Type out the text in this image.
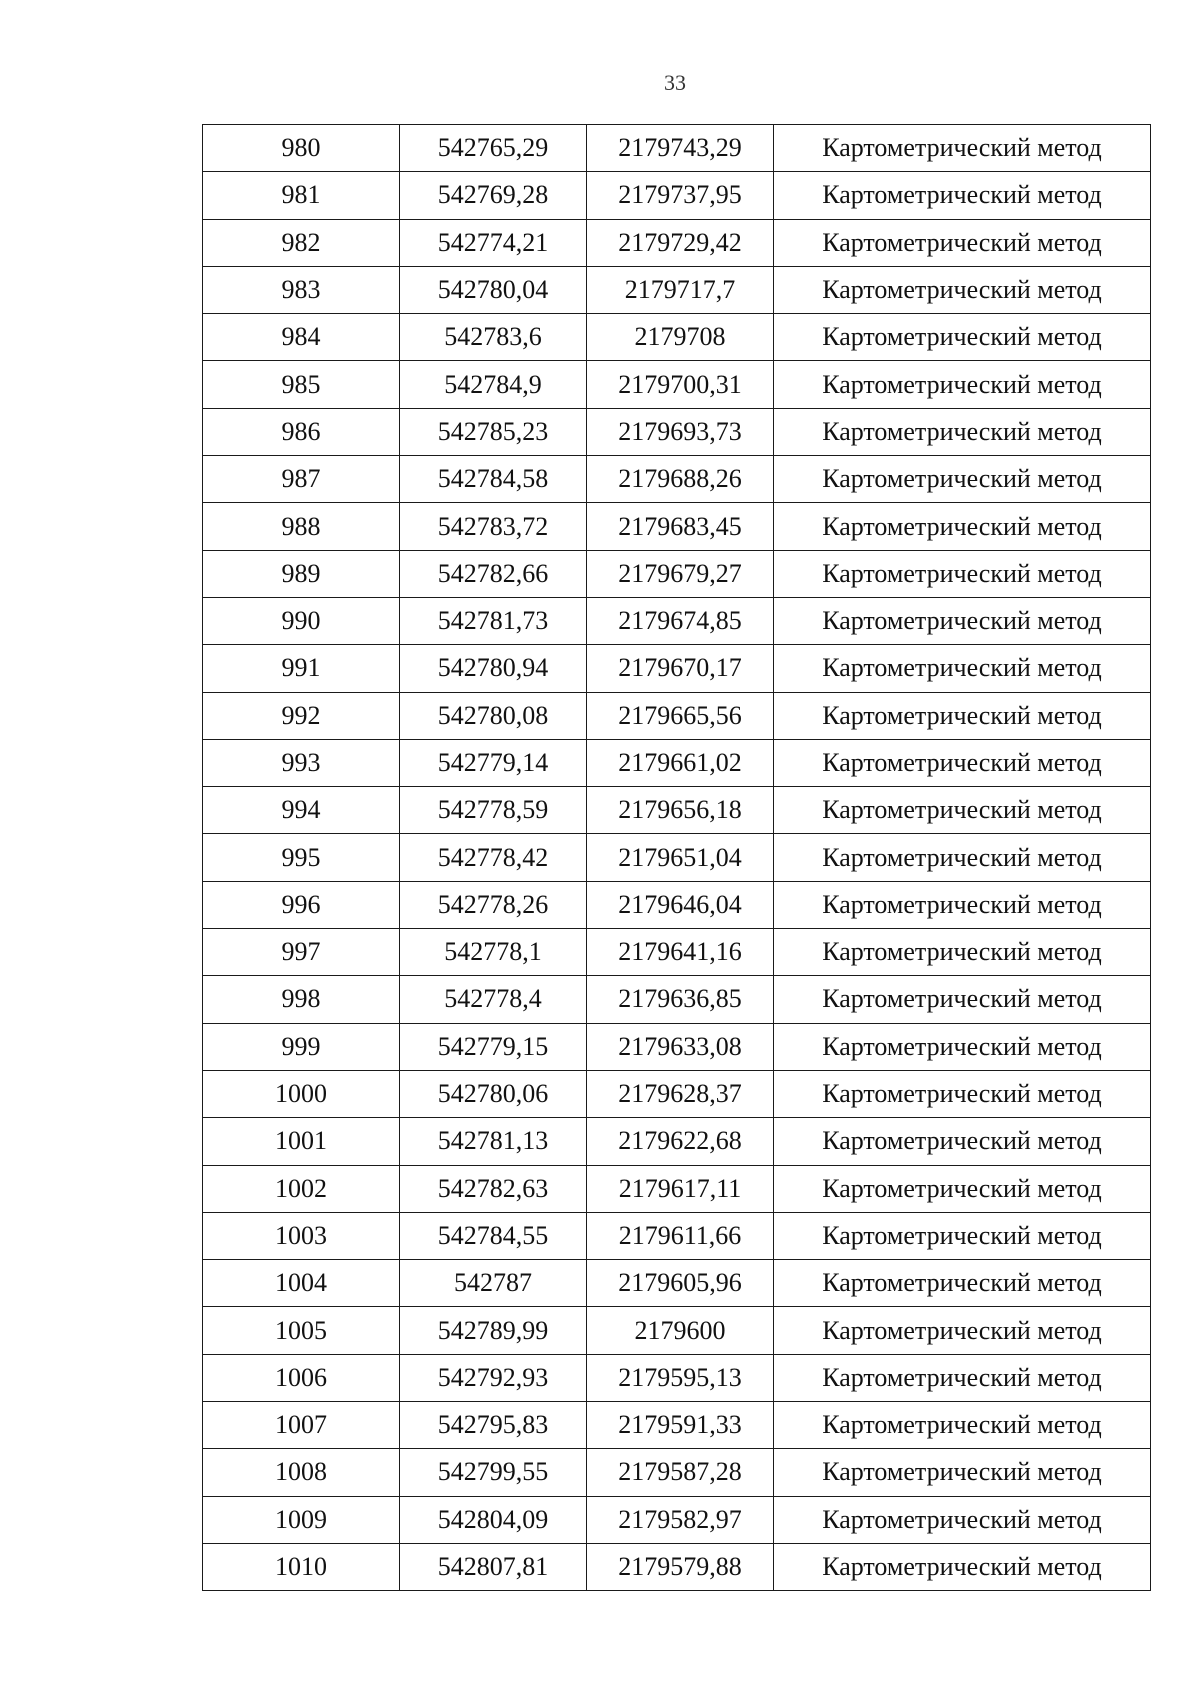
33
980	542765,29	2179743,29	Картометрический метод
981	542769,28	2179737,95	Картометрический метод
982	542774,21	2179729,42	Картометрический метод
983	542780,04	2179717,7	Картометрический метод
984	542783,6	2179708	Картометрический метод
985	542784,9	2179700,31	Картометрический метод
986	542785,23	2179693,73	Картометрический метод
987	542784,58	2179688,26	Картометрический метод
988	542783,72	2179683,45	Картометрический метод
989	542782,66	2179679,27	Картометрический метод
990	542781,73	2179674,85	Картометрический метод
991	542780,94	2179670,17	Картометрический метод
992	542780,08	2179665,56	Картометрический метод
993	542779,14	2179661,02	Картометрический метод
994	542778,59	2179656,18	Картометрический метод
995	542778,42	2179651,04	Картометрический метод
996	542778,26	2179646,04	Картометрический метод
997	542778,1	2179641,16	Картометрический метод
998	542778,4	2179636,85	Картометрический метод
999	542779,15	2179633,08	Картометрический метод
1000	542780,06	2179628,37	Картометрический метод
1001	542781,13	2179622,68	Картометрический метод
1002	542782,63	2179617,11	Картометрический метод
1003	542784,55	2179611,66	Картометрический метод
1004	542787	2179605,96	Картометрический метод
1005	542789,99	2179600	Картометрический метод
1006	542792,93	2179595,13	Картометрический метод
1007	542795,83	2179591,33	Картометрический метод
1008	542799,55	2179587,28	Картометрический метод
1009	542804,09	2179582,97	Картометрический метод
1010	542807,81	2179579,88	Картометрический метод
